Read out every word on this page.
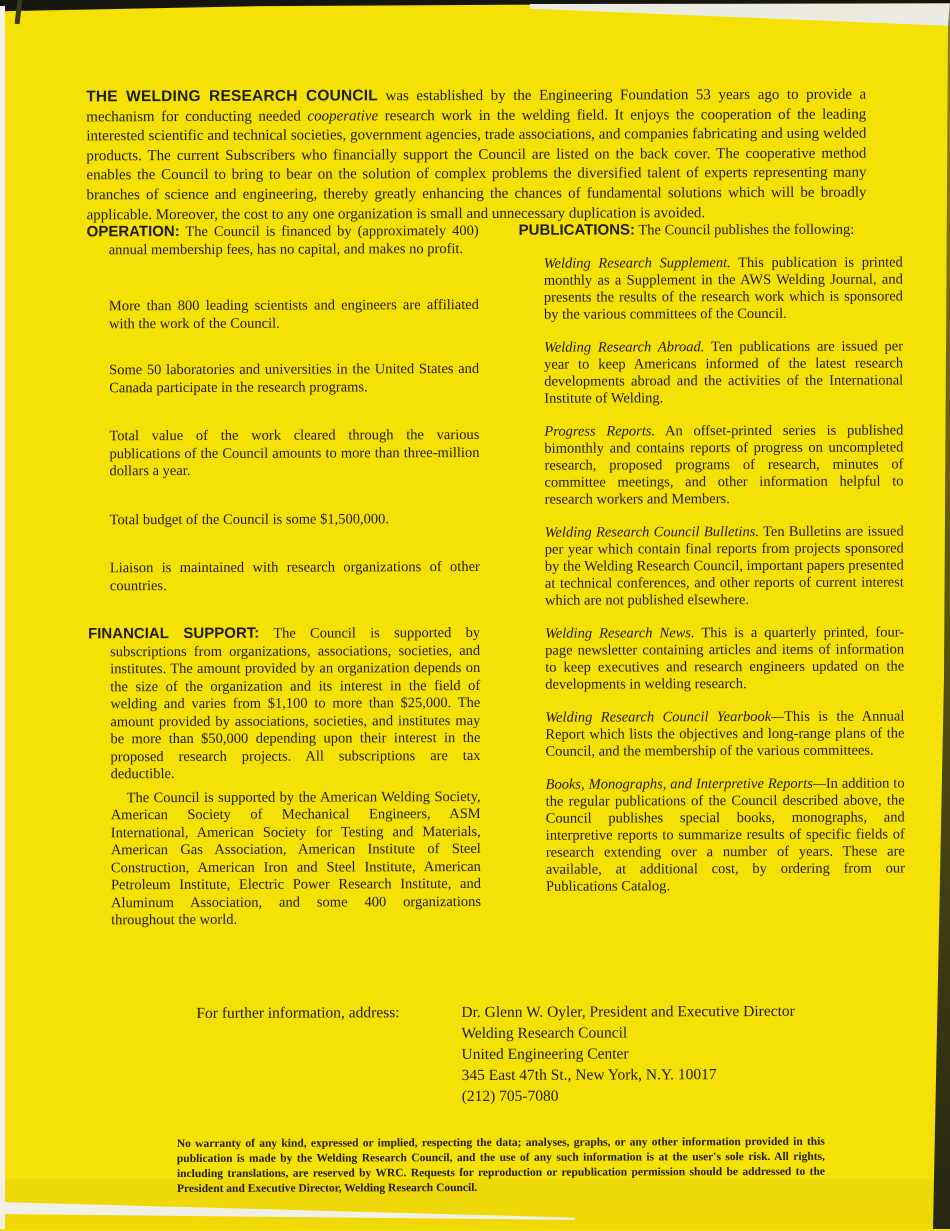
THE WELDING RESEARCH COUNCIL was established by the Engineering Foundation 53 years ago to provide a mechanism for conducting needed cooperative research work in the welding field. It enjoys the cooperation of the leading interested scientific and technical societies, government agencies, trade associations, and companies fabricating and using welded products. The current Subscribers who financially support the Council are listed on the back cover. The cooperative method enables the Council to bring to bear on the solution of complex problems the diversified talent of experts representing many branches of science and engineering, thereby greatly enhancing the chances of fundamental solutions which will be broadly applicable. Moreover, the cost to any one organization is small and unnecessary duplication is avoided.

OPERATION: The Council is financed by (approximately 400) annual membership fees, has no capital, and makes no profit.

More than 800 leading scientists and engineers are affiliated with the work of the Council.

Some 50 laboratories and universities in the United States and Canada participate in the research programs.

Total value of the work cleared through the various publications of the Council amounts to more than three-million dollars a year.

Total budget of the Council is some $1,500,000.

Liaison is maintained with research organizations of other countries.

FINANCIAL SUPPORT: The Council is supported by subscriptions from organizations, associations, societies, and institutes. The amount provided by an organization depends on the size of the organization and its interest in the field of welding and varies from $1,100 to more than $25,000. The amount provided by associations, societies, and institutes may be more than $50,000 depending upon their interest in the proposed research projects. All subscriptions are tax deductible.

The Council is supported by the American Welding Society, American Society of Mechanical Engineers, ASM International, American Society for Testing and Materials, American Gas Association, American Institute of Steel Construction, American Iron and Steel Institute, American Petroleum Institute, Electric Power Research Institute, and Aluminum Association, and some 400 organizations throughout the world.

PUBLICATIONS: The Council publishes the following:

Welding Research Supplement. This publication is printed monthly as a Supplement in the AWS Welding Journal, and presents the results of the research work which is sponsored by the various committees of the Council.

Welding Research Abroad. Ten publications are issued per year to keep Americans informed of the latest research developments abroad and the activities of the International Institute of Welding.

Progress Reports. An offset-printed series is published bimonthly and contains reports of progress on uncompleted research, proposed programs of research, minutes of committee meetings, and other information helpful to research workers and Members.

Welding Research Council Bulletins. Ten Bulletins are issued per year which contain final reports from projects sponsored by the Welding Research Council, important papers presented at technical conferences, and other reports of current interest which are not published elsewhere.

Welding Research News. This is a quarterly printed, four-page newsletter containing articles and items of information to keep executives and research engineers updated on the developments in welding research.

Welding Research Council Yearbook—This is the Annual Report which lists the objectives and long-range plans of the Council, and the membership of the various committees.

Books, Monographs, and Interpretive Reports—In addition to the regular publications of the Council described above, the Council publishes special books, monographs, and interpretive reports to summarize results of specific fields of research extending over a number of years. These are available, at additional cost, by ordering from our Publications Catalog.

For further information, address:	Dr. Glenn W. Oyler, President and Executive Director

Welding Research Council

United Engineering Center

345 East 47th St., New York, N.Y. 10017

(212) 705-7080

No warranty of any kind, expressed or implied, respecting the data; analyses, graphs, or any other information provided in this publication is made by the Welding Research Council, and the use of any such information is at the user's sole risk. All rights, including translations, are reserved by WRC. Requests for reproduction or republication permission should be addressed to the President and Executive Director, Welding Research Council.
